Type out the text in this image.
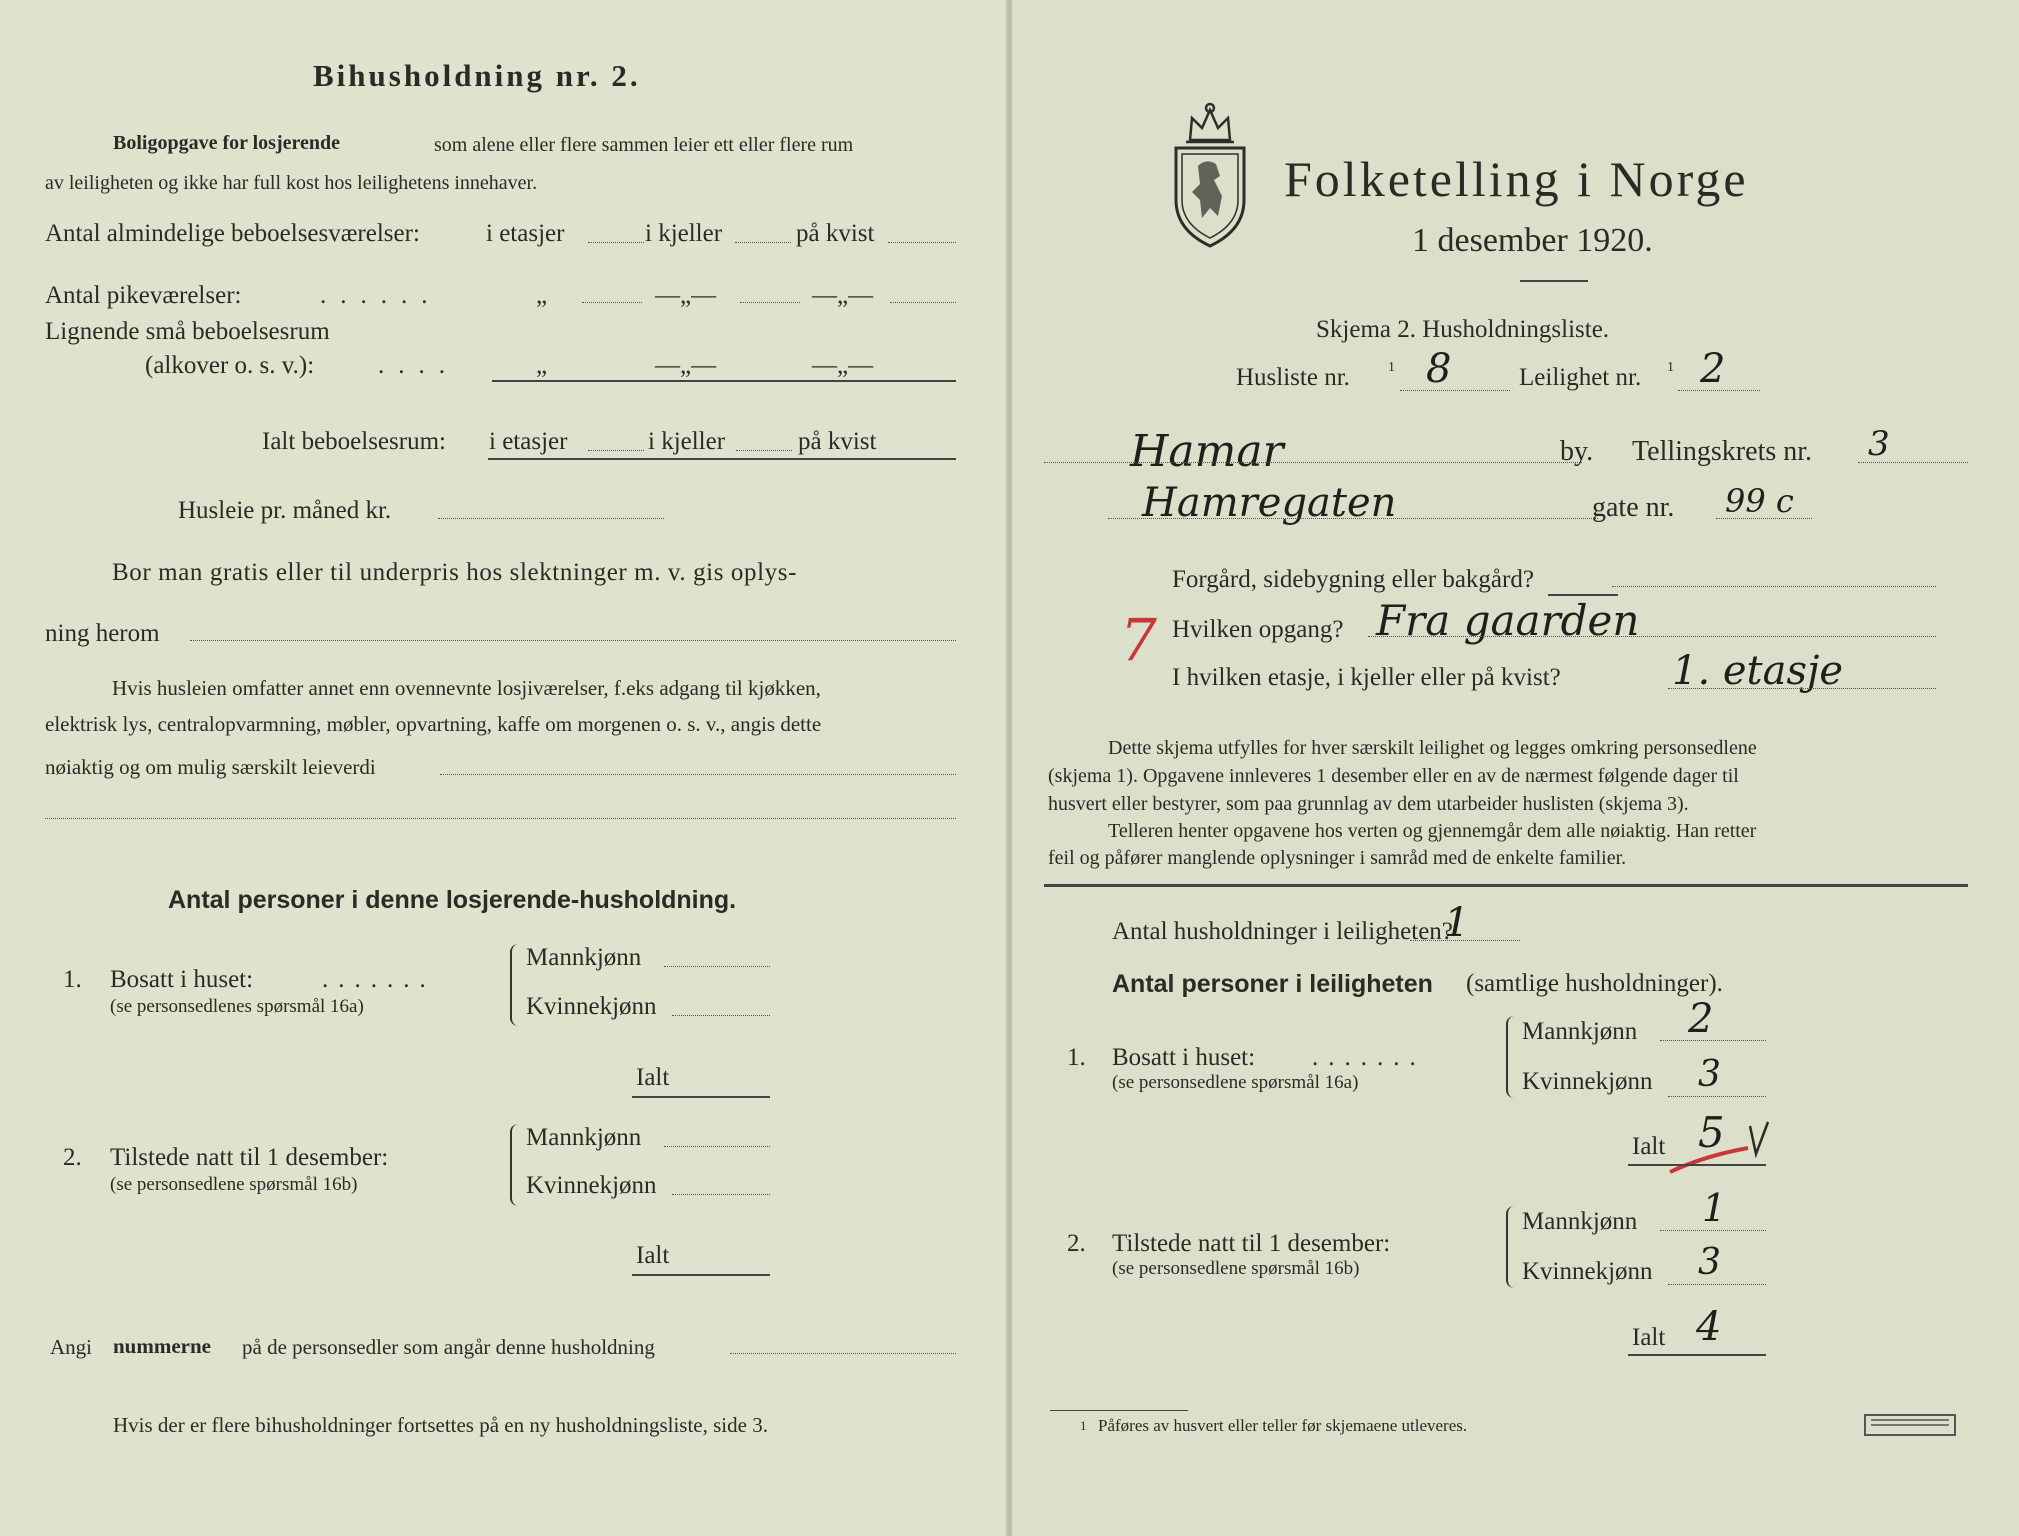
Bihusholdning nr. 2.
Boligopgave for losjerende	som alene eller flere sammen leier ett eller flere rum
av leiligheten og ikke har full kost hos leilighetens innehaver.
Antal almindelige beboelsesværelser:	i etasjer	i kjeller	på kvist
Antal pikeværelser:	......	„	—„—	—„—
Lignende små beboelsesrum
(alkover o. s. v.):	....	„	—„—	—„—
Ialt beboelsesrum: i etasjer	i kjeller	på kvist
Husleie pr. måned kr.
Bor man gratis eller til underpris hos slektninger m. v. gis oplys-
ning herom
Hvis husleien omfatter annet enn ovennevnte losjiværelser, f.eks adgang til kjøkken,
elektrisk lys, centralopvarmning, møbler, opvartning, kaffe om morgenen o. s. v., angis dette
nøiaktig og om mulig særskilt leieverdi
Antal personer i denne losjerende-husholdning.
1. Bosatt i huset:	.......
(se personsedlenes spørsmål 16a)
Mannkjønn
Kvinnekjønn
Ialt
2. Tilstede natt til 1 desember:
(se personsedlene spørsmål 16b)
Mannkjønn
Kvinnekjønn
Ialt
Angi nummerne på de personsedler som angår denne husholdning
Hvis der er flere bihusholdninger fortsettes på en ny husholdningsliste, side 3.
Folketelling i Norge
1 desember 1920.
Skjema 2. Husholdningsliste.
Husliste nr.	1 8	Leilighet nr. 1 2
Hamar	by. Tellingskrets nr. 3
Hamregaten	gate nr. 99 c
Forgård, sidebygning eller bakgård?
7 Hvilken opgang? Fra gaarden
I hvilken etasje, i kjeller eller på kvist?	1. etasje
Dette skjema utfylles for hver særskilt leilighet og legges omkring personsedlene
(skjema 1). Opgavene innleveres 1 desember eller en av de nærmest følgende dager til
husvert eller bestyrer, som paa grunnlag av dem utarbeider huslisten (skjema 3).
Telleren henter opgavene hos verten og gjennemgår dem alle nøiaktig. Han retter
feil og påfører manglende oplysninger i samråd med de enkelte familier.
Antal husholdninger i leiligheten?
1
Antal personer i leiligheten (samtlige husholdninger).
1. Bosatt i huset: .......
(se personsedlene spørsmål 16a)
Mannkjønn 2
Kvinnekjønn 3
Ialt 5
2. Tilstede natt til 1 desember:
(se personsedlene spørsmål 16b)
Mannkjønn 1
Kvinnekjønn 3
Ialt 4
1 Påføres av husvert eller teller før skjemaene utleveres.
